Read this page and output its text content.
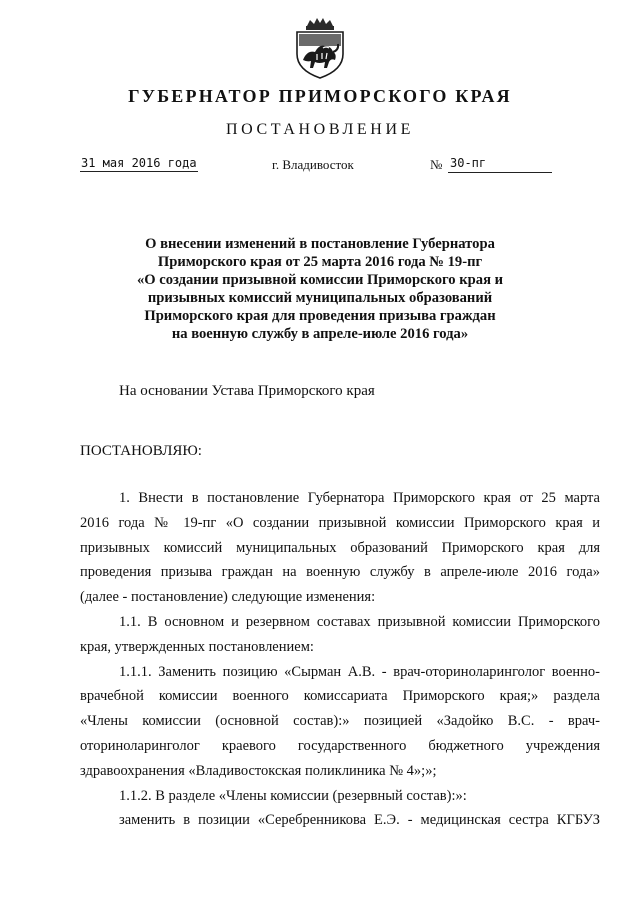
ГУБЕРНАТОР ПРИМОРСКОГО КРАЯ
ПОСТАНОВЛЕНИЕ
31 мая 2016 года	г. Владивосток	№ 30-пг
О внесении изменений в постановление Губернатора
Приморского края от 25 марта 2016 года № 19-пг
«О создании призывной комиссии Приморского края и
призывных комиссий муниципальных образований
Приморского края для проведения призыва граждан
на военную службу в апреле-июле 2016 года»
На основании Устава Приморского края
ПОСТАНОВЛЯЮ:
1. Внести в постановление Губернатора Приморского края от 25 марта
2016 года № 19-пг «О создании призывной комиссии Приморского края и
призывных комиссий муниципальных образований Приморского края для
проведения призыва граждан на военную службу в апреле-июле 2016 года»
(далее - постановление) следующие изменения:
1.1. В основном и резервном составах призывной комиссии Приморского
края, утвержденных постановлением:
1.1.1. Заменить позицию «Сырман А.В. - врач-оториноларинголог военно-
врачебной комиссии военного комиссариата Приморского края;» раздела
«Члены комиссии (основной состав):» позицией «Задойко В.С. - врач-
оториноларинголог краевого государственного бюджетного учреждения
здравоохранения «Владивостокская поликлиника № 4»;»;
1.1.2. В разделе «Члены комиссии (резервный состав):»:
заменить в позиции «Серебренникова Е.Э. - медицинская сестра КГБУЗ
